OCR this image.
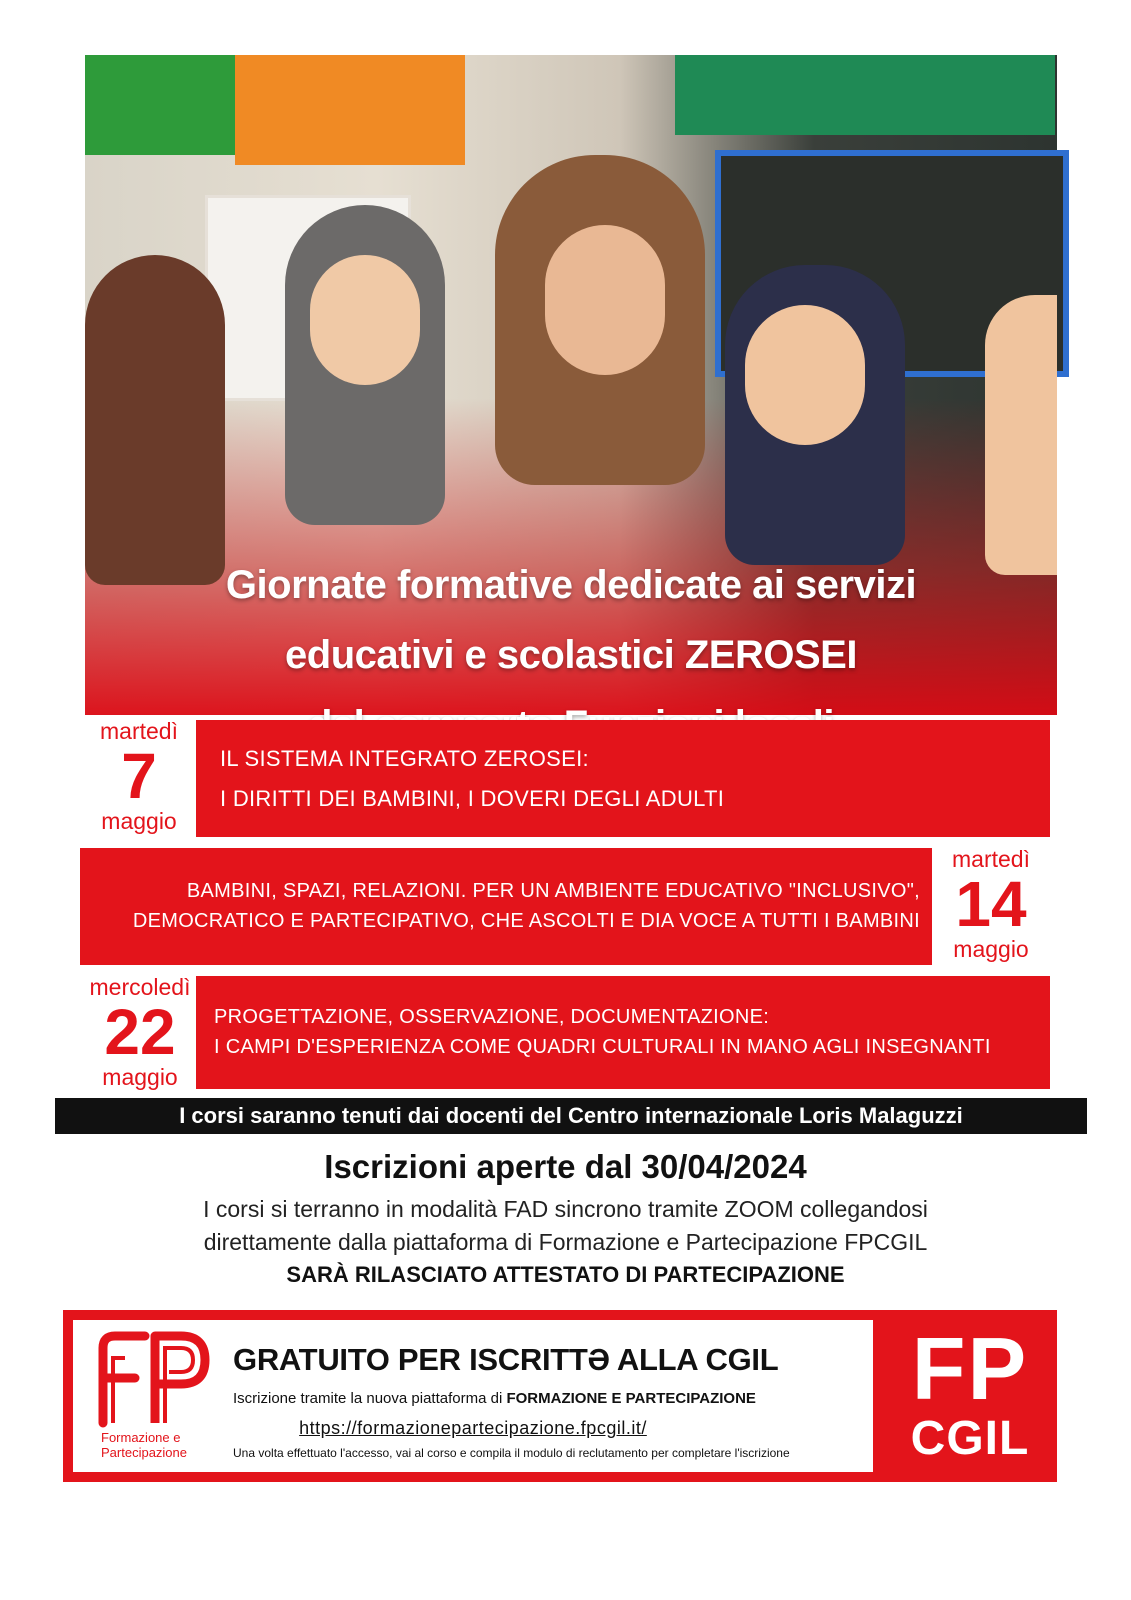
Giornate formative dedicate ai servizi
educativi e scolastici ZEROSEI
martedì
7
maggio
IL SISTEMA INTEGRATO ZEROSEI:
I DIRITTI DEI BAMBINI, I DOVERI DEGLI ADULTI
BAMBINI, SPAZI, RELAZIONI. PER UN AMBIENTE EDUCATIVO "INCLUSIVO",
DEMOCRATICO E PARTECIPATIVO, CHE ASCOLTI E DIA VOCE A TUTTI I BAMBINI
martedì
14
maggio
mercoledì
22
maggio
PROGETTAZIONE, OSSERVAZIONE, DOCUMENTAZIONE:
I CAMPI D'ESPERIENZA COME QUADRI CULTURALI IN MANO AGLI INSEGNANTI
I corsi saranno tenuti dai docenti del Centro internazionale Loris Malaguzzi
Iscrizioni aperte dal 30/04/2024
I corsi si terranno in modalità FAD sincrono tramite ZOOM collegandosi
direttamente dalla piattaforma di Formazione e Partecipazione FPCGIL
SARÀ RILASCIATO ATTESTATO DI PARTECIPAZIONE
Formazione e
Partecipazione
GRATUITO PER ISCRITTƏ ALLA CGIL
Iscrizione tramite la nuova piattaforma di FORMAZIONE E PARTECIPAZIONE
https://formazionepartecipazione.fpcgil.it/
Una volta effettuato l'accesso, vai al corso e compila il modulo di reclutamento per completare l'iscrizione
FP
CGIL
